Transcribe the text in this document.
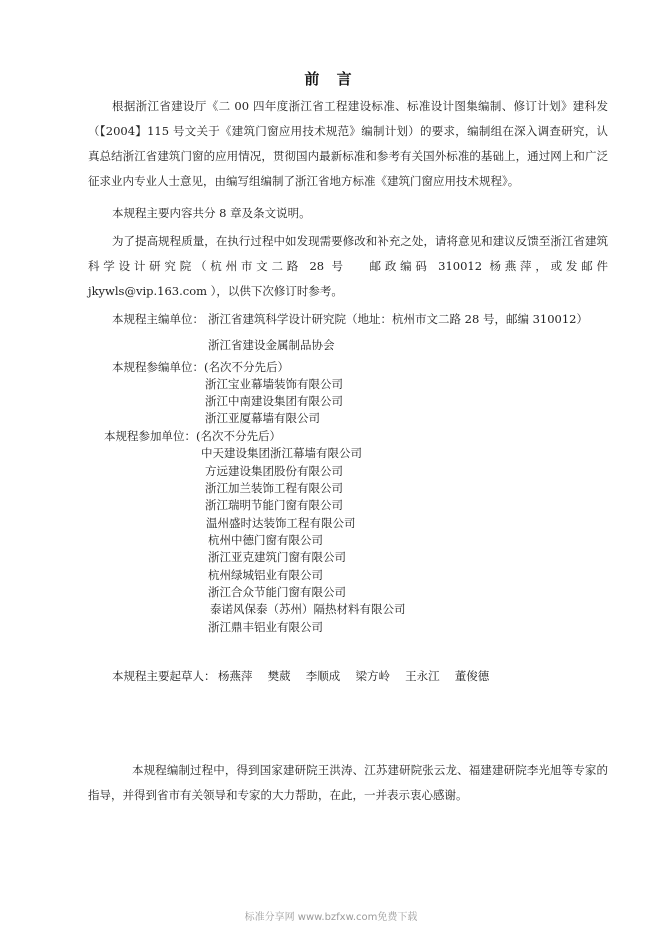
前 言

根据浙江省建设厅《二 00 四年度浙江省工程建设标准、标准设计图集编制、修订计划》建科发（【2004】115 号文关于《建筑门窗应用技术规范》编制计划）的要求，编制组在深入调查研究，认真总结浙江省建筑门窗的应用情况，贯彻国内最新标准和参考有关国外标准的基础上，通过网上和广泛征求业内专业人士意见，由编写组编制了浙江省地方标准《建筑门窗应用技术规程》。

本规程主要内容共分 8 章及条文说明。

为了提高规程质量，在执行过程中如发现需要修改和补充之处，请将意见和建议反馈至浙江省建筑科学设计研究院（杭州市文二路 28 号　 邮政编码 310012 杨燕萍，或发邮件 jkywls@vip.163.com ），以供下次修订时参考。

本规程主编单位： 浙江省建筑科学设计研究院（地址：杭州市文二路 28 号，邮编 310012）
浙江省建设金属制品协会
本规程参编单位：(名次不分先后）
浙江宝业幕墙装饰有限公司
浙江中南建设集团有限公司
浙江亚厦幕墙有限公司
本规程参加单位：(名次不分先后）
中天建设集团浙江幕墙有限公司
方远建设集团股份有限公司
浙江加兰装饰工程有限公司
浙江瑞明节能门窗有限公司
温州盛时达装饰工程有限公司
杭州中德门窗有限公司
浙江亚克建筑门窗有限公司
杭州绿城铝业有限公司
浙江合众节能门窗有限公司
泰诺风保泰（苏州）隔热材料有限公司
浙江鼎丰铝业有限公司
本规程主要起草人： 杨燕萍　 樊葳　 李顺成　 梁方岭　 王永江　 董俊德

本规程编制过程中，得到国家建研院王洪涛、江苏建研院张云龙、福建建研院李光旭等专家的指导，并得到省市有关领导和专家的大力帮助，在此，一并表示衷心感谢。

标准分享网 www.bzfxw.com免费下载
